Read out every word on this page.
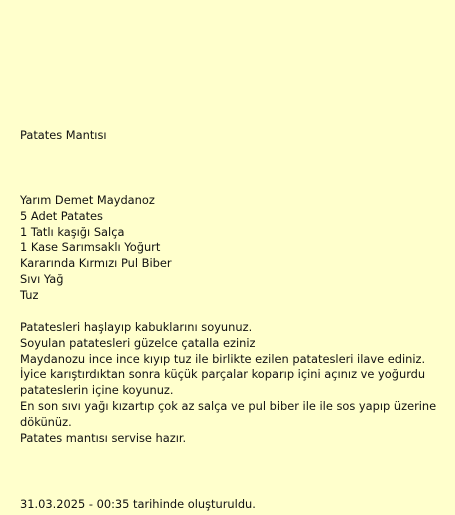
Patates Mantısı
Yarım Demet Maydanoz
5 Adet Patates
1 Tatlı kaşığı Salça
1 Kase Sarımsaklı Yoğurt
Kararında Kırmızı Pul Biber
Sıvı Yağ
Tuz

Patatesleri haşlayıp kabuklarını soyunuz.

Soyulan patatesleri güzelce çatalla eziniz

Maydanozu ince ince kıyıp tuz ile birlikte ezilen patatesleri ilave ediniz.

İyice karıştırdıktan sonra küçük parçalar koparıp içini açınız ve yoğurdu patateslerin içine koyunuz.

En son sıvı yağı kızartıp çok az salça ve pul biber ile ile sos yapıp üzerine dökünüz.

Patates mantısı servise hazır.

31.03.2025 - 00:35 tarihinde oluşturuldu.
